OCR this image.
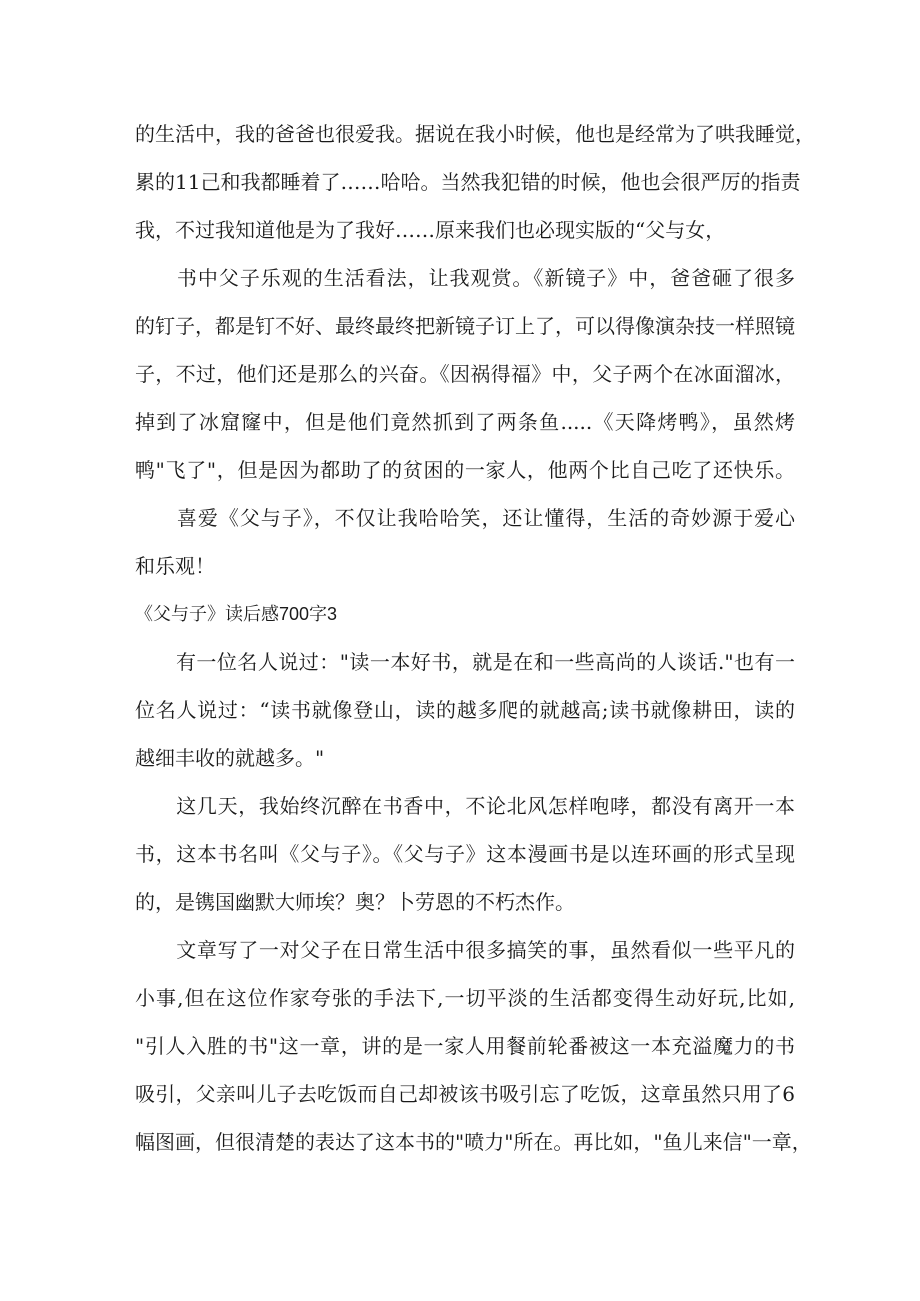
的生活中，我的爸爸也很爱我。据说在我小时候，他也是经常为了哄我睡觉，
累的11己和我都睡着了……哈哈。当然我犯错的时候，他也会很严厉的指责
我，不过我知道他是为了我好……原来我们也必现实版的“父与女，
　　书中父子乐观的生活看法，让我观赏。《新镜子》中，爸爸砸了很多
的钉子，都是钉不好、最终最终把新镜子订上了，可以得像演杂技一样照镜
子，不过，他们还是那么的兴奋。《因祸得福》中，父子两个在冰面溜冰，
掉到了冰窟窿中，但是他们竟然抓到了两条鱼.....《天降烤鸭》，虽然烤
鸭"飞了"，但是因为都助了的贫困的一家人，他两个比自己吃了还快乐。
　　喜爱《父与子》，不仅让我哈哈笑，还让懂得，生活的奇妙源于爱心
和乐观！
《父与子》读后感700字3
　　有一位名人说过："读一本好书，就是在和一些高尚的人谈话."也有一
位名人说过：“读书就像登山，读的越多爬的就越高;读书就像耕田，读的
越细丰收的就越多。"
　　这几天，我始终沉醉在书香中，不论北风怎样咆哮，都没有离开一本
书，这本书名叫《父与子》。《父与子》这本漫画书是以连环画的形式呈现
的，是镌国幽默大师埃？奥？卜劳恩的不朽杰作。
　　文章写了一对父子在日常生活中很多搞笑的事，虽然看似一些平凡的
小事,但在这位作家夸张的手法下,一切平淡的生活都变得生动好玩,比如,
"引人入胜的书"这一章，讲的是一家人用餐前轮番被这一本充溢魔力的书
吸引，父亲叫儿子去吃饭而自己却被该书吸引忘了吃饭，这章虽然只用了6
幅图画，但很清楚的表达了这本书的"喷力"所在。再比如，"鱼儿来信"一章，
